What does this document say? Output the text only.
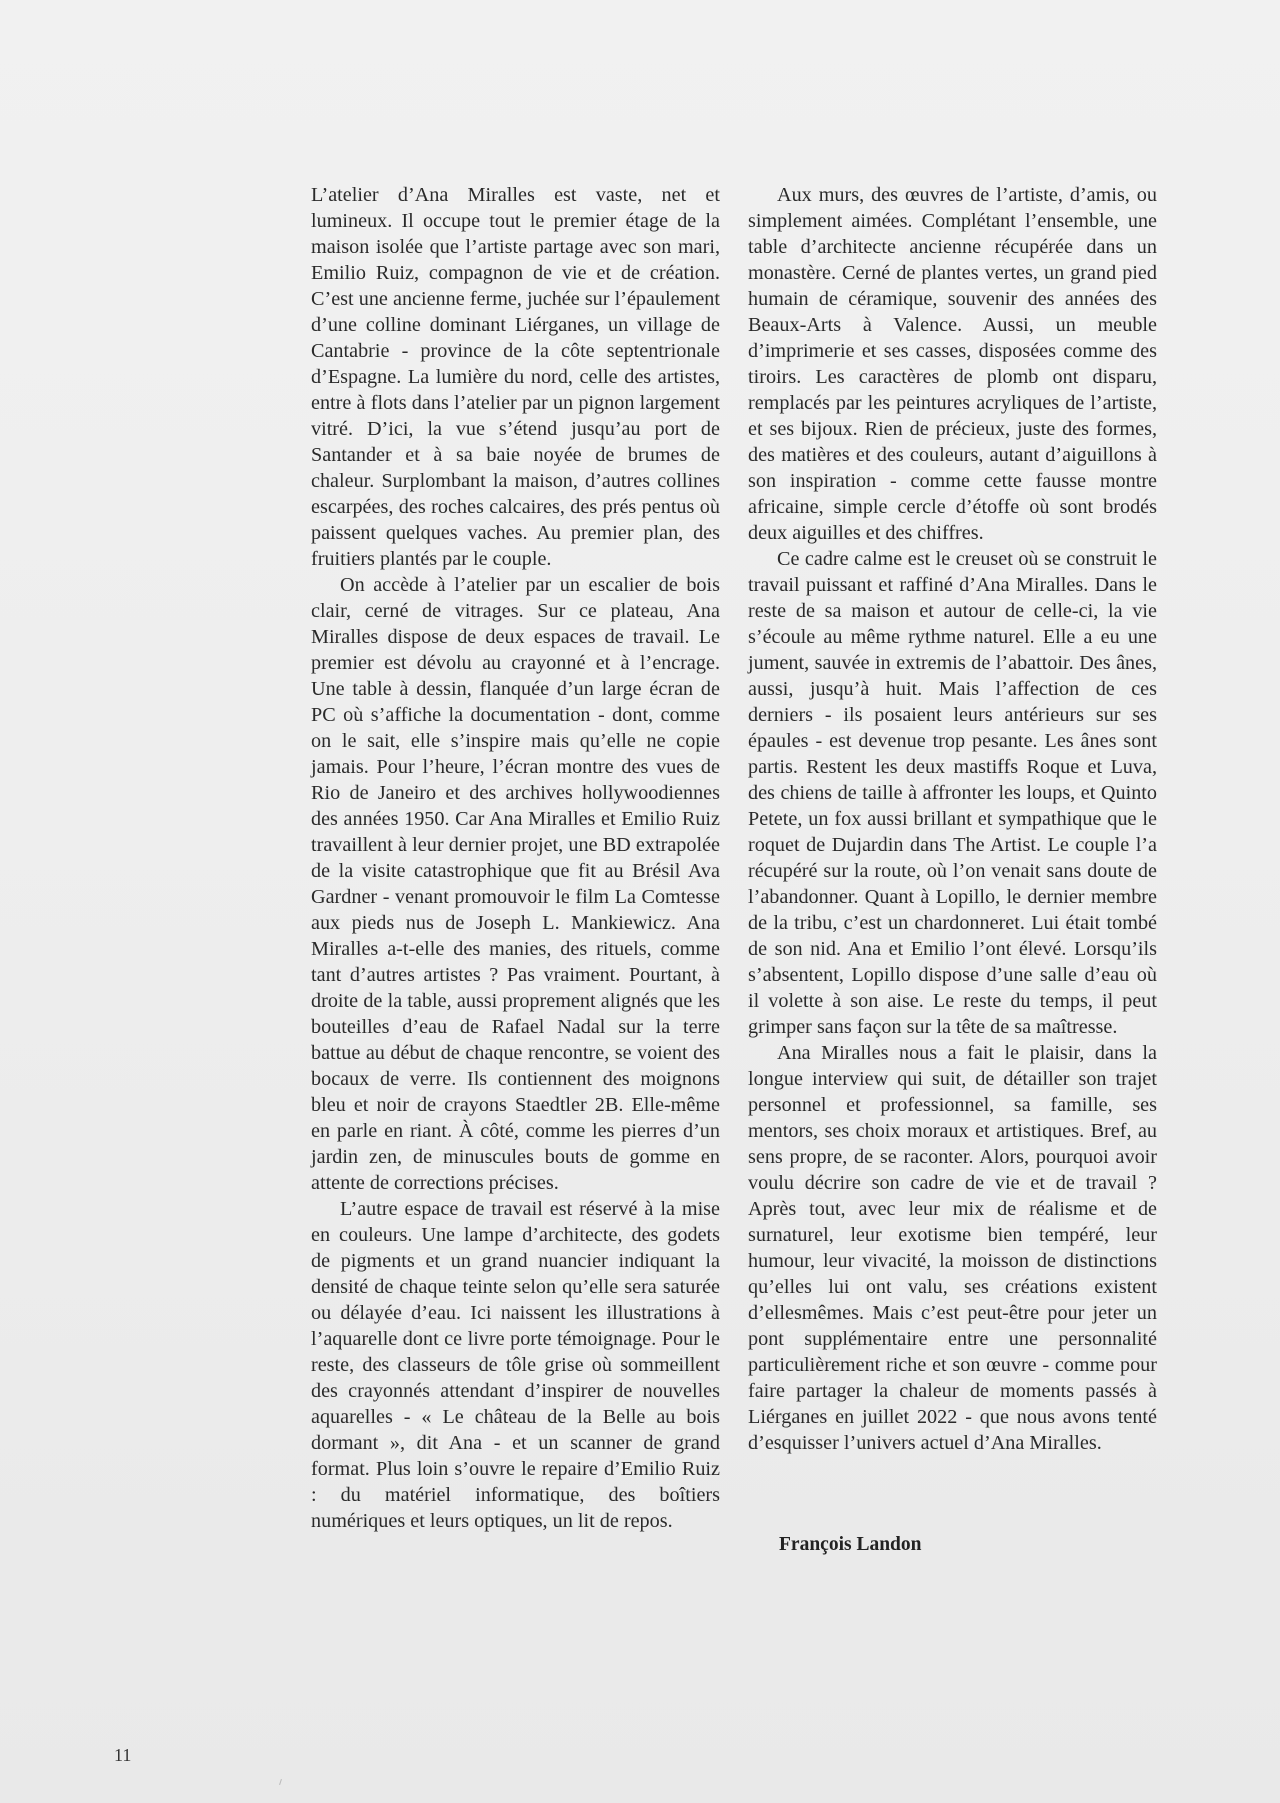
L’atelier d’Ana Miralles est vaste, net et lumineux. Il occupe tout le premier étage de la maison isolée que l’artiste partage avec son mari, Emilio Ruiz, compagnon de vie et de création. C’est une ancienne ferme, juchée sur l’épaulement d’une colline dominant Liérganes, un village de Cantabrie - province de la côte septentrionale d’Espagne. La lumière du nord, celle des artistes, entre à flots dans l’atelier par un pignon largement vitré. D’ici, la vue s’étend jusqu’au port de Santander et à sa baie noyée de brumes de chaleur. Surplombant la maison, d’autres collines escarpées, des roches calcaires, des prés pentus où paissent quelques vaches. Au premier plan, des fruitiers plantés par le couple.

On accède à l’atelier par un escalier de bois clair, cerné de vitrages. Sur ce plateau, Ana Miralles dispose de deux espaces de travail. Le premier est dévolu au crayonné et à l’encrage. Une table à dessin, flanquée d’un large écran de PC où s’affiche la documentation - dont, comme on le sait, elle s’inspire mais qu’elle ne copie jamais. Pour l’heure, l’écran montre des vues de Rio de Janeiro et des archives hollywoodiennes des années 1950. Car Ana Miralles et Emilio Ruiz travaillent à leur dernier projet, une BD extrapolée de la visite catastrophique que fit au Brésil Ava Gardner - venant promouvoir le film La Comtesse aux pieds nus de Joseph L. Mankiewicz. Ana Miralles a-t-elle des manies, des rituels, comme tant d’autres artistes ? Pas vraiment. Pourtant, à droite de la table, aussi proprement alignés que les bouteilles d’eau de Rafael Nadal sur la terre battue au début de chaque rencontre, se voient des bocaux de verre. Ils contiennent des moignons bleu et noir de crayons Staedtler 2B. Elle-même en parle en riant. À côté, comme les pierres d’un jardin zen, de minuscules bouts de gomme en attente de corrections précises.

L’autre espace de travail est réservé à la mise en couleurs. Une lampe d’architecte, des godets de pigments et un grand nuancier indiquant la densité de chaque teinte selon qu’elle sera saturée ou délayée d’eau. Ici naissent les illustrations à l’aquarelle dont ce livre porte témoignage. Pour le reste, des classeurs de tôle grise où sommeillent des crayonnés attendant d’inspirer de nouvelles aquarelles - « Le château de la Belle au bois dormant », dit Ana - et un scanner de grand format. Plus loin s’ouvre le repaire d’Emilio Ruiz : du matériel informatique, des boîtiers numériques et leurs optiques, un lit de repos.

Aux murs, des œuvres de l’artiste, d’amis, ou simplement aimées. Complétant l’ensemble, une table d’architecte ancienne récupérée dans un monastère. Cerné de plantes vertes, un grand pied humain de céramique, souvenir des années des Beaux-Arts à Valence. Aussi, un meuble d’imprimerie et ses casses, disposées comme des tiroirs. Les caractères de plomb ont disparu, remplacés par les peintures acryliques de l’artiste, et ses bijoux. Rien de précieux, juste des formes, des matières et des couleurs, autant d’aiguillons à son inspiration - comme cette fausse montre africaine, simple cercle d’étoffe où sont brodés deux aiguilles et des chiffres.

Ce cadre calme est le creuset où se construit le travail puissant et raffiné d’Ana Miralles. Dans le reste de sa maison et autour de celle-ci, la vie s’écoule au même rythme naturel. Elle a eu une jument, sauvée in extremis de l’abattoir. Des ânes, aussi, jusqu’à huit. Mais l’affection de ces derniers - ils posaient leurs antérieurs sur ses épaules - est devenue trop pesante. Les ânes sont partis. Restent les deux mastiffs Roque et Luva, des chiens de taille à affronter les loups, et Quinto Petete, un fox aussi brillant et sympathique que le roquet de Dujardin dans The Artist. Le couple l’a récupéré sur la route, où l’on venait sans doute de l’abandonner. Quant à Lopillo, le dernier membre de la tribu, c’est un chardonneret. Lui était tombé de son nid. Ana et Emilio l’ont élevé. Lorsqu’ils s’absentent, Lopillo dispose d’une salle d’eau où il volette à son aise. Le reste du temps, il peut grimper sans façon sur la tête de sa maîtresse.

Ana Miralles nous a fait le plaisir, dans la longue interview qui suit, de détailler son trajet personnel et professionnel, sa famille, ses mentors, ses choix moraux et artistiques. Bref, au sens propre, de se raconter. Alors, pourquoi avoir voulu décrire son cadre de vie et de travail ? Après tout, avec leur mix de réalisme et de surnaturel, leur exotisme bien tempéré, leur humour, leur vivacité, la moisson de distinctions qu’elles lui ont valu, ses créations existent d’ellesmêmes. Mais c’est peut-être pour jeter un pont supplémentaire entre une personnalité particulièrement riche et son œuvre - comme pour faire partager la chaleur de moments passés à Liérganes en juillet 2022 - que nous avons tenté d’esquisser l’univers actuel d’Ana Miralles.

François Landon
11
